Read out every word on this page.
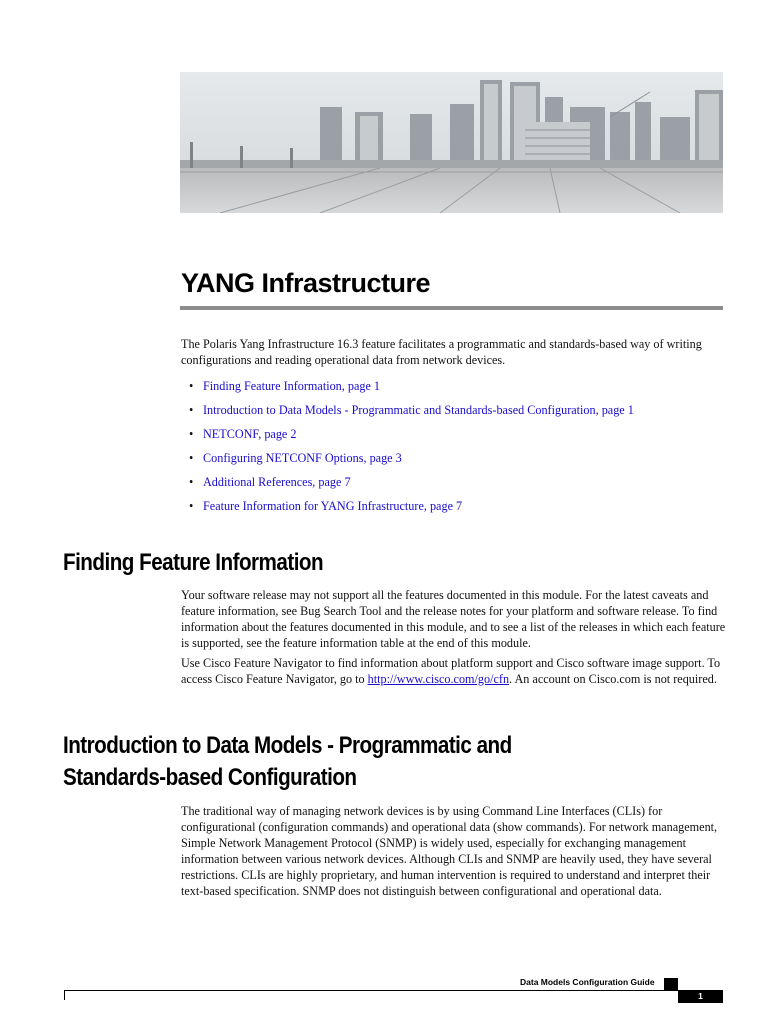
YANG Infrastructure

The Polaris Yang Infrastructure 16.3 feature facilitates a programmatic and standards-based way of writing configurations and reading operational data from network devices.

• Finding Feature Information, page 1
• Introduction to Data Models - Programmatic and Standards-based Configuration, page 1
• NETCONF, page 2
• Configuring NETCONF Options, page 3
• Additional References, page 7
• Feature Information for YANG Infrastructure, page 7
Finding Feature Information

Your software release may not support all the features documented in this module. For the latest caveats and feature information, see Bug Search Tool and the release notes for your platform and software release. To find information about the features documented in this module, and to see a list of the releases in which each feature is supported, see the feature information table at the end of this module.

Use Cisco Feature Navigator to find information about platform support and Cisco software image support. To access Cisco Feature Navigator, go to http://www.cisco.com/go/cfn. An account on Cisco.com is not required.

Introduction to Data Models - Programmatic and
Standards-based Configuration

The traditional way of managing network devices is by using Command Line Interfaces (CLIs) for configurational (configuration commands) and operational data (show commands). For network management, Simple Network Management Protocol (SNMP) is widely used, especially for exchanging management information between various network devices. Although CLIs and SNMP are heavily used, they have several restrictions. CLIs are highly proprietary, and human intervention is required to understand and interpret their text-based specification. SNMP does not distinguish between configurational and operational data.

Data Models Configuration Guide
1
